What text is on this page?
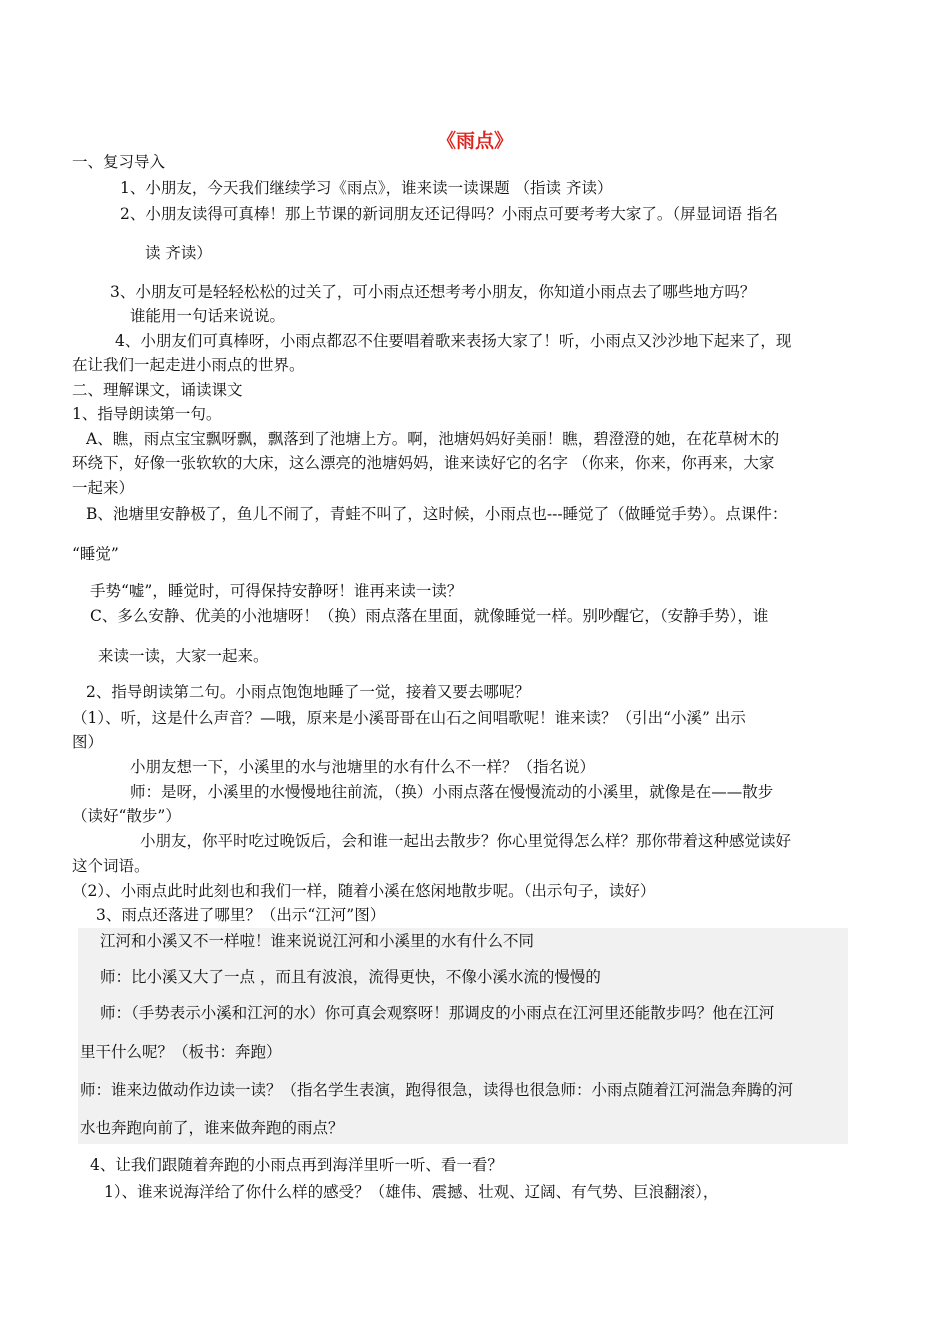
《雨点》
一、复习导入
1、小朋友，今天我们继续学习《雨点》，谁来读一读课题 （指读 齐读）
2、小朋友读得可真棒！那上节课的新词朋友还记得吗？小雨点可要考考大家了。（屏显词语 指名
读 齐读）
3、小朋友可是轻轻松松的过关了，可小雨点还想考考小朋友，你知道小雨点去了哪些地方吗？
谁能用一句话来说说。
4、小朋友们可真棒呀，小雨点都忍不住要唱着歌来表扬大家了！听，小雨点又沙沙地下起来了，现
在让我们一起走进小雨点的世界。
二、理解课文，诵读课文
1、指导朗读第一句。
A、瞧，雨点宝宝飘呀飘，飘落到了池塘上方。啊，池塘妈妈好美丽！瞧，碧澄澄的她，在花草树木的
环绕下，好像一张软软的大床，这么漂亮的池塘妈妈，谁来读好它的名字 （你来，你来，你再来，大家
一起来）
B、池塘里安静极了，鱼儿不闹了，青蛙不叫了，这时候，小雨点也---睡觉了（做睡觉手势）。点课件：
“睡觉”
手势“嘘”，睡觉时，可得保持安静呀！谁再来读一读？
C、多么安静、优美的小池塘呀！（换）雨点落在里面，就像睡觉一样。别吵醒它，（安静手势），谁
来读一读，大家一起来。
2、指导朗读第二句。小雨点饱饱地睡了一觉，接着又要去哪呢？
（1）、听，这是什么声音？—哦，原来是小溪哥哥在山石之间唱歌呢！谁来读？（引出“小溪” 出示
图）
小朋友想一下，小溪里的水与池塘里的水有什么不一样？（指名说）
师：是呀，小溪里的水慢慢地往前流，（换）小雨点落在慢慢流动的小溪里，就像是在——散步
（读好“散步”）
小朋友，你平时吃过晚饭后，会和谁一起出去散步？你心里觉得怎么样？那你带着这种感觉读好
这个词语。
（2）、小雨点此时此刻也和我们一样，随着小溪在悠闲地散步呢。（出示句子，读好）
3、雨点还落进了哪里？（出示“江河”图）
江河和小溪又不一样啦！谁来说说江河和小溪里的水有什么不同
师：比小溪又大了一点 ，而且有波浪，流得更快，不像小溪水流的慢慢的
师：（手势表示小溪和江河的水）你可真会观察呀！那调皮的小雨点在江河里还能散步吗？他在江河
里干什么呢？（板书：奔跑）
师：谁来边做动作边读一读？（指名学生表演，跑得很急，读得也很急师：小雨点随着江河湍急奔腾的河
水也奔跑向前了，谁来做奔跑的雨点？
4、让我们跟随着奔跑的小雨点再到海洋里听一听、看一看？
1）、谁来说海洋给了你什么样的感受？（雄伟、震撼、壮观、辽阔、有气势、巨浪翻滚），
